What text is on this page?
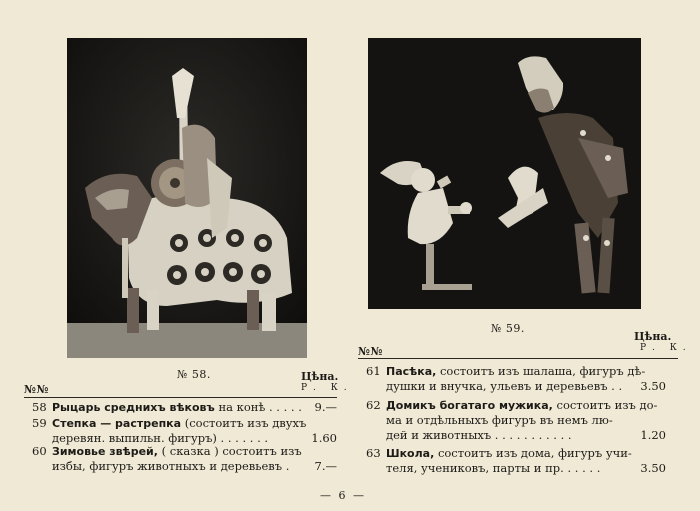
№ 58.
№ 59.
№№
Цѣна.
Р. К.
58 Рыцарь среднихъ вѣковъ на конѣ . . . . . 9.—
59 Степка — растрепка (состоитъ изъ двухъ
деревян. выпильн. фигуръ) . . . . . . .	1.60
60 Зимовье звѣрей, ( сказка ) состоитъ изъ
избы, фигуръ животныхъ и деревьевъ .	7.—
№№
Цѣна.
Р. К.
61 Пасѣка, состоитъ изъ шалаша, фигуръ дѣ-
душки и внучка, ульевъ и деревьевъ . .	3.50
62 Домикъ богатаго мужика, состоитъ изъ до-
ма и отдѣльныхъ фигуръ въ немъ лю-
дей и животныхъ . . . . . . . . . . .	1.20
63 Школа, состоитъ изъ дома, фигуръ учи-
теля, учениковъ, парты и пр. . . . . .	3.50
— 6 —
